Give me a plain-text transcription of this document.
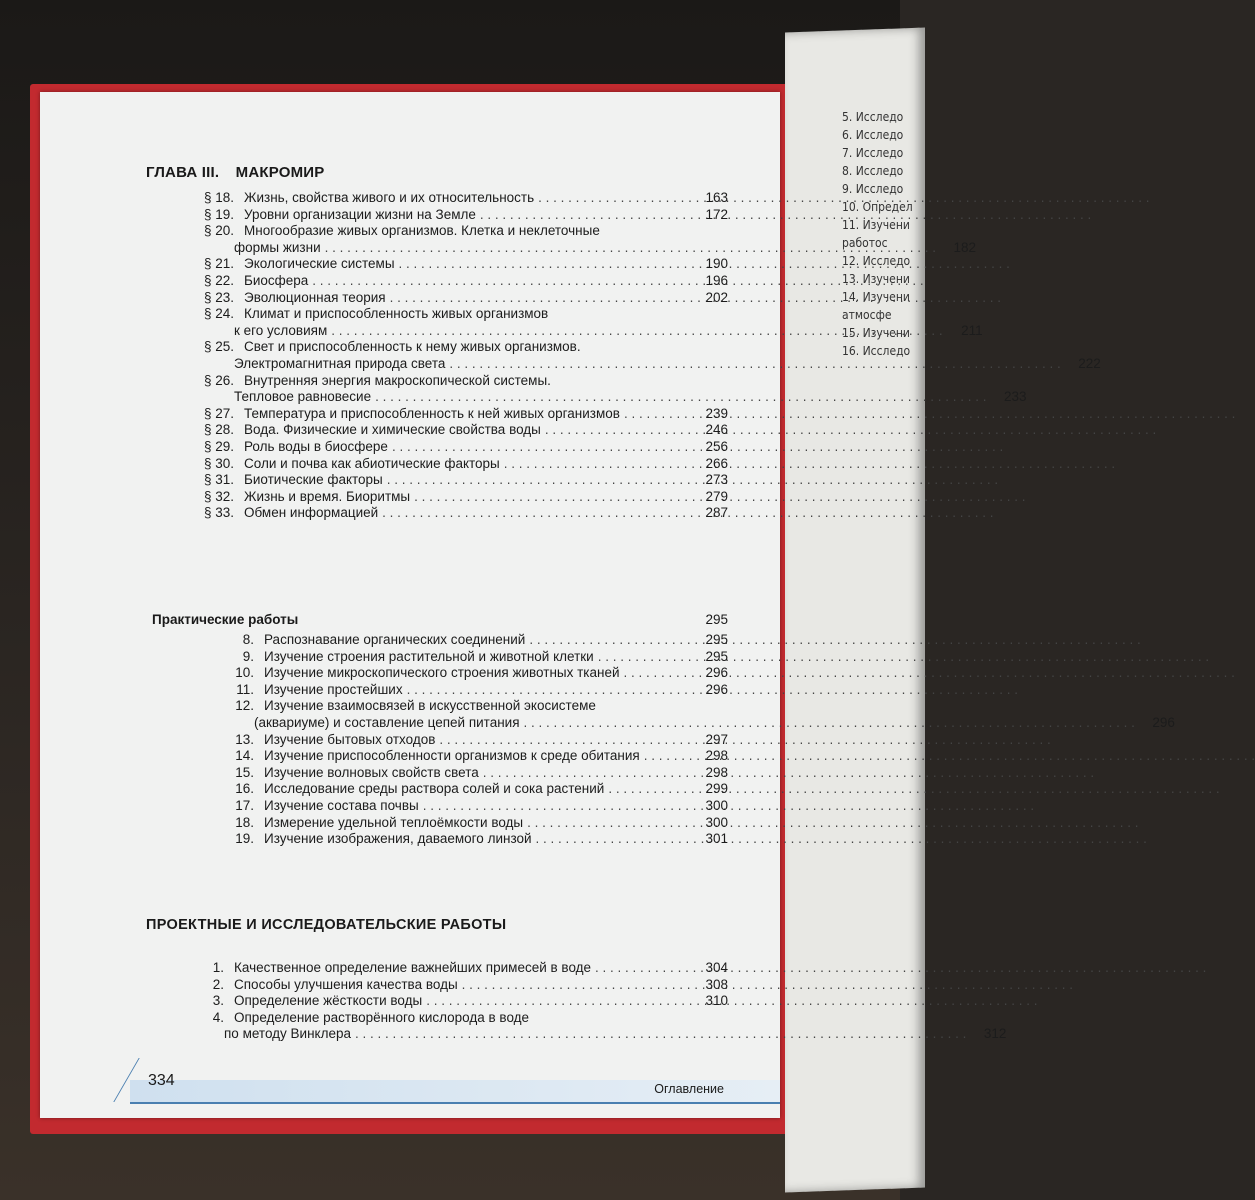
5. Исследо
6. Исследо
7. Исследо
8. Исследо
9. Исследо
10. Определ
11. Изучени
работос
12. Исследо
13. Изучени
14. Изучени
атмосфе
15. Изучени
16. Исследо
ГЛАВА III. МАКРОМИР
§ 18. Жизнь, свойства живого и их относительность . . .	163
§ 19. Уровни организации жизни на Земле . . .	172
§ 20. Многообразие живых организмов. Клетка и неклеточные
формы жизни . . .	182
§ 21. Экологические системы . . .	190
§ 22. Биосфера . . .	196
§ 23. Эволюционная теория . . .	202
§ 24. Климат и приспособленность живых организмов
к его условиям . . .	211
§ 25. Свет и приспособленность к нему живых организмов.
Электромагнитная природа света . . .	222
§ 26. Внутренняя энергия макроскопической системы.
Тепловое равновесие . . .	233
§ 27. Температура и приспособленность к ней живых организмов . . .	239
§ 28. Вода. Физические и химические свойства воды . . .	246
§ 29. Роль воды в биосфере . . .	256
§ 30. Соли и почва как абиотические факторы . . .	266
§ 31. Биотические факторы . . .	273
§ 32. Жизнь и время. Биоритмы . . .	279
§ 33. Обмен информацией . . .	287
Практические работы	295
8. Распознавание органических соединений . . .	295
9. Изучение строения растительной и животной клетки . . .	295
10. Изучение микроскопического строения животных тканей . . .	296
11. Изучение простейших . . .	296
12. Изучение взаимосвязей в искусственной экосистеме
(аквариуме) и составление цепей питания . . .	296
13. Изучение бытовых отходов . . .	297
14. Изучение приспособленности организмов к среде обитания . . .	298
15. Изучение волновых свойств света . . .	298
16. Исследование среды раствора солей и сока растений . . .	299
17. Изучение состава почвы . . .	300
18. Измерение удельной теплоёмкости воды . . .	300
19. Изучение изображения, даваемого линзой . . .	301
ПРОЕКТНЫЕ И ИССЛЕДОВАТЕЛЬСКИЕ РАБОТЫ
1. Качественное определение важнейших примесей в воде . . .	304
2. Способы улучшения качества воды . . .	308
3. Определение жёсткости воды . . .	310
4. Определение растворённого кислорода в воде
по методу Винклера . . .	312
334	Оглавление
